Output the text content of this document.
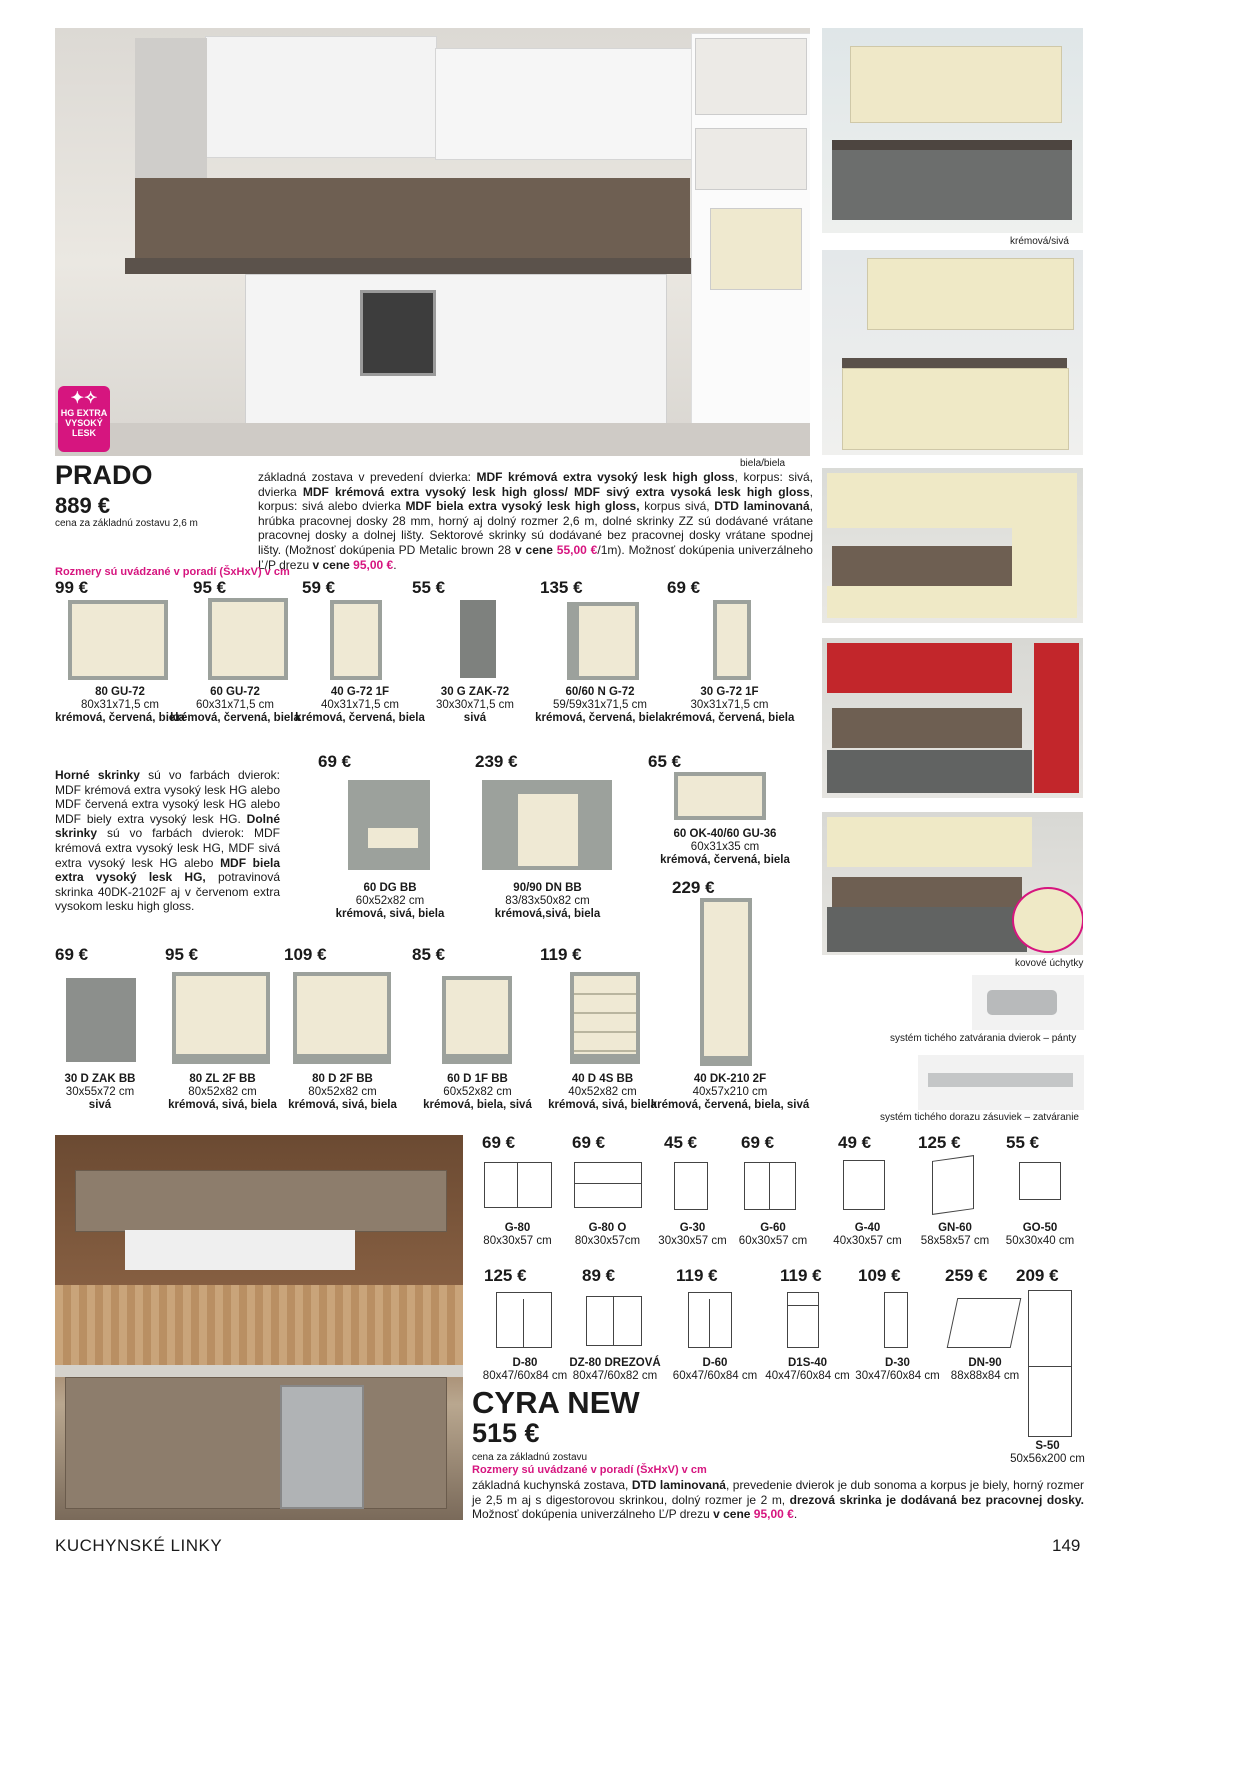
✦✧
HG EXTRA
VYSOKÝ
LESK
biela/biela
krémová/sivá
kovové úchytky
systém tichého zatvárania dvierok – pánty
systém tichého dorazu zásuviek – zatváranie
PRADO
889 €
cena za základnú zostavu 2,6 m
základná zostava v prevedení dvierka: MDF krémová extra vysoký lesk high gloss, korpus: sivá, dvierka MDF krémová extra vysoký lesk high gloss/ MDF sivý extra vysoká lesk high gloss, korpus: sivá alebo dvierka MDF biela extra vysoký lesk high gloss, korpus sivá, DTD laminovaná, hrúbka pracovnej dosky 28 mm, horný aj dolný rozmer 2,6 m, dolné skrinky ZZ sú dodávané vrátane pracovnej dosky a dolnej lišty. Sektorové skrinky sú dodávané bez pracovnej dosky vrátane spodnej lišty. (Možnosť dokúpenia PD Metalic brown 28 v cene 55,00 €/1m). Možnosť dokúpenia univerzálneho Ľ/P drezu v cene 95,00 €.
Rozmery sú uvádzané v poradí (ŠxHxV) v cm
99 €
80 GU-72
80x31x71,5 cm
krémová, červená, biela
95 €
60 GU-72
60x31x71,5 cm
krémová, červená, biela
59 €
40 G-72 1F
40x31x71,5 cm
krémová, červená, biela
55 €
30 G ZAK-72
30x30x71,5 cm
sivá
135 €
60/60 N G-72
59/59x31x71,5 cm
krémová, červená, biela
69 €
30 G-72 1F
30x31x71,5 cm
krémová, červená, biela
Horné skrinky sú vo farbách dvierok: MDF krémová extra vysoký lesk HG alebo MDF červená extra vysoký lesk HG alebo MDF biely extra vysoký lesk HG. Dolné skrinky sú vo farbách dvierok: MDF krémová extra vysoký lesk HG, MDF sivá extra vysoký lesk HG alebo MDF biela extra vysoký lesk HG, potravinová skrinka 40DK-2102F aj v červenom extra vysokom lesku high gloss.
69 €
60 DG BB
60x52x82 cm
krémová, sivá, biela
239 €
90/90 DN BB
83/83x50x82 cm
krémová,sivá, biela
65 €
60 OK-40/60 GU-36
60x31x35 cm
krémová, červená, biela
229 €
40 DK-210 2F
40x57x210 cm
krémová, červená, biela, sivá
69 €
30 D ZAK BB
30x55x72 cm
sivá
95 €
80 ZL 2F BB
80x52x82 cm
krémová, sivá, biela
109 €
80 D 2F BB
80x52x82 cm
krémová, sivá, biela
85 €
60 D 1F BB
60x52x82 cm
krémová, biela, sivá
119 €
40 D 4S BB
40x52x82 cm
krémová, sivá, biela
69 €
G-80
80x30x57 cm
69 €
G-80 O
80x30x57cm
45 €
G-30
30x30x57 cm
69 €
G-60
60x30x57 cm
49 €
G-40
40x30x57 cm
125 €
GN-60
58x58x57 cm
55 €
GO-50
50x30x40 cm
125 €
D-80
80x47/60x84 cm
89 €
DZ-80 DREZOVÁ
80x47/60x82 cm
119 €
D-60
60x47/60x84 cm
119 €
D1S-40
40x47/60x84 cm
109 €
D-30
30x47/60x84 cm
259 €
DN-90
88x88x84 cm
209 €
S-50
50x56x200 cm
CYRA NEW
515 €
cena za základnú zostavu
Rozmery sú uvádzané v poradí (ŠxHxV) v cm
základná kuchynská zostava, DTD laminovaná, prevedenie dvierok je dub sonoma a korpus je biely, horný rozmer je 2,5 m aj s digestorovou skrinkou, dolný rozmer je 2 m, drezová skrinka je dodávaná bez pracovnej dosky. Možnosť dokúpenia univerzálneho Ľ/P drezu v cene 95,00 €.
KUCHYNSKÉ LINKY	149
